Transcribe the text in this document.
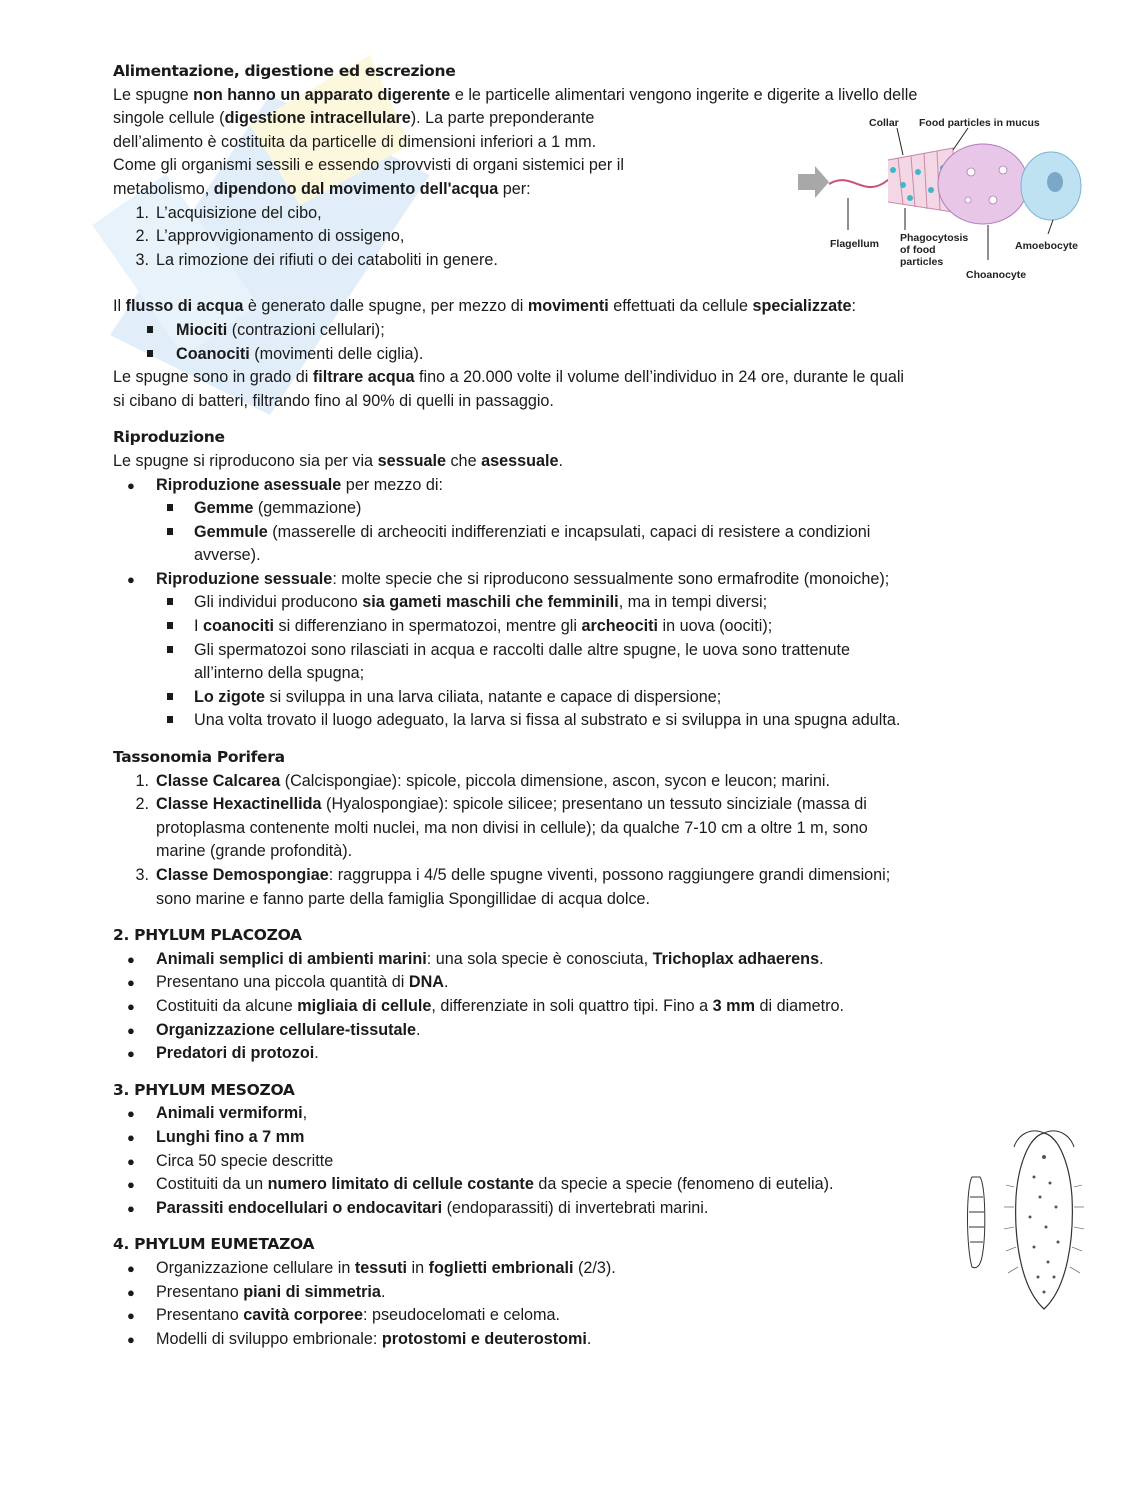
Collar Food particles in mucus
Flagellum Phagocytosis
of food
particles
Amoebocyte
Choanocyte

Alimentazione, digestione ed escrezione

Le spugne non hanno un apparato digerente e le particelle alimentari vengono ingerite e digerite a livello delle

singole cellule (digestione intracellulare). La parte preponderante

dell’alimento è costituita da particelle di dimensioni inferiori a 1 mm.

Come gli organismi sessili e essendo sprovvisti di organi sistemici per il

metabolismo, dipendono dal movimento dell'acqua per:

1. L’acquisizione del cibo,
2. L’approvvigionamento di ossigeno,
3. La rimozione dei rifiuti o dei cataboliti in genere.

Il flusso di acqua è generato dalle spugne, per mezzo di movimenti effettuati da cellule specializzate:

Miociti (contrazioni cellulari);
Coanociti (movimenti delle ciglia).

Le spugne sono in grado di filtrare acqua fino a 20.000 volte il volume dell’individuo in 24 ore, durante le quali

si cibano di batteri, filtrando fino al 90% di quelli in passaggio.

Riproduzione

Le spugne si riproducono sia per via sessuale che asessuale.

● Riproduzione asessuale per mezzo di:
Gemme (gemmazione)
Gemmule (masserelle di archeociti indifferenziati e incapsulati, capaci di resistere a condizioni
avverse).
● Riproduzione sessuale: molte specie che si riproducono sessualmente sono ermafrodite (monoiche);
Gli individui producono sia gameti maschili che femminili, ma in tempi diversi;
I coanociti si differenziano in spermatozoi, mentre gli archeociti in uova (oociti);
Gli spermatozoi sono rilasciati in acqua e raccolti dalle altre spugne, le uova sono trattenute
all’interno della spugna;
Lo zigote si sviluppa in una larva ciliata, natante e capace di dispersione;
Una volta trovato il luogo adeguato, la larva si fissa al substrato e si sviluppa in una spugna adulta.

Tassonomia Porifera

1. Classe Calcarea (Calcispongiae): spicole, piccola dimensione, ascon, sycon e leucon; marini.
2. Classe Hexactinellida (Hyalospongiae): spicole silicee; presentano un tessuto sinciziale (massa di
protoplasma contenente molti nuclei, ma non divisi in cellule); da qualche 7-10 cm a oltre 1 m, sono
marine (grande profondità).
3. Classe Demospongiae: raggruppa i 4/5 delle spugne viventi, possono raggiungere grandi dimensioni;
sono marine e fanno parte della famiglia Spongillidae di acqua dolce.

2. PHYLUM PLACOZOA

● Animali semplici di ambienti marini: una sola specie è conosciuta, Trichoplax adhaerens.
● Presentano una piccola quantità di DNA.
● Costituiti da alcune migliaia di cellule, differenziate in soli quattro tipi. Fino a 3 mm di diametro.
● Organizzazione cellulare-tissutale.
● Predatori di protozoi.

3. PHYLUM MESOZOA

● Animali vermiformi,
● Lunghi fino a 7 mm
● Circa 50 specie descritte
● Costituiti da un numero limitato di cellule costante da specie a specie (fenomeno di eutelia).
● Parassiti endocellulari o endocavitari (endoparassiti) di invertebrati marini.

4. PHYLUM EUMETAZOA

● Organizzazione cellulare in tessuti in foglietti embrionali (2/3).
● Presentano piani di simmetria.
● Presentano cavità corporee: pseudocelomati e celoma.
● Modelli di sviluppo embrionale: protostomi e deuterostomi.
